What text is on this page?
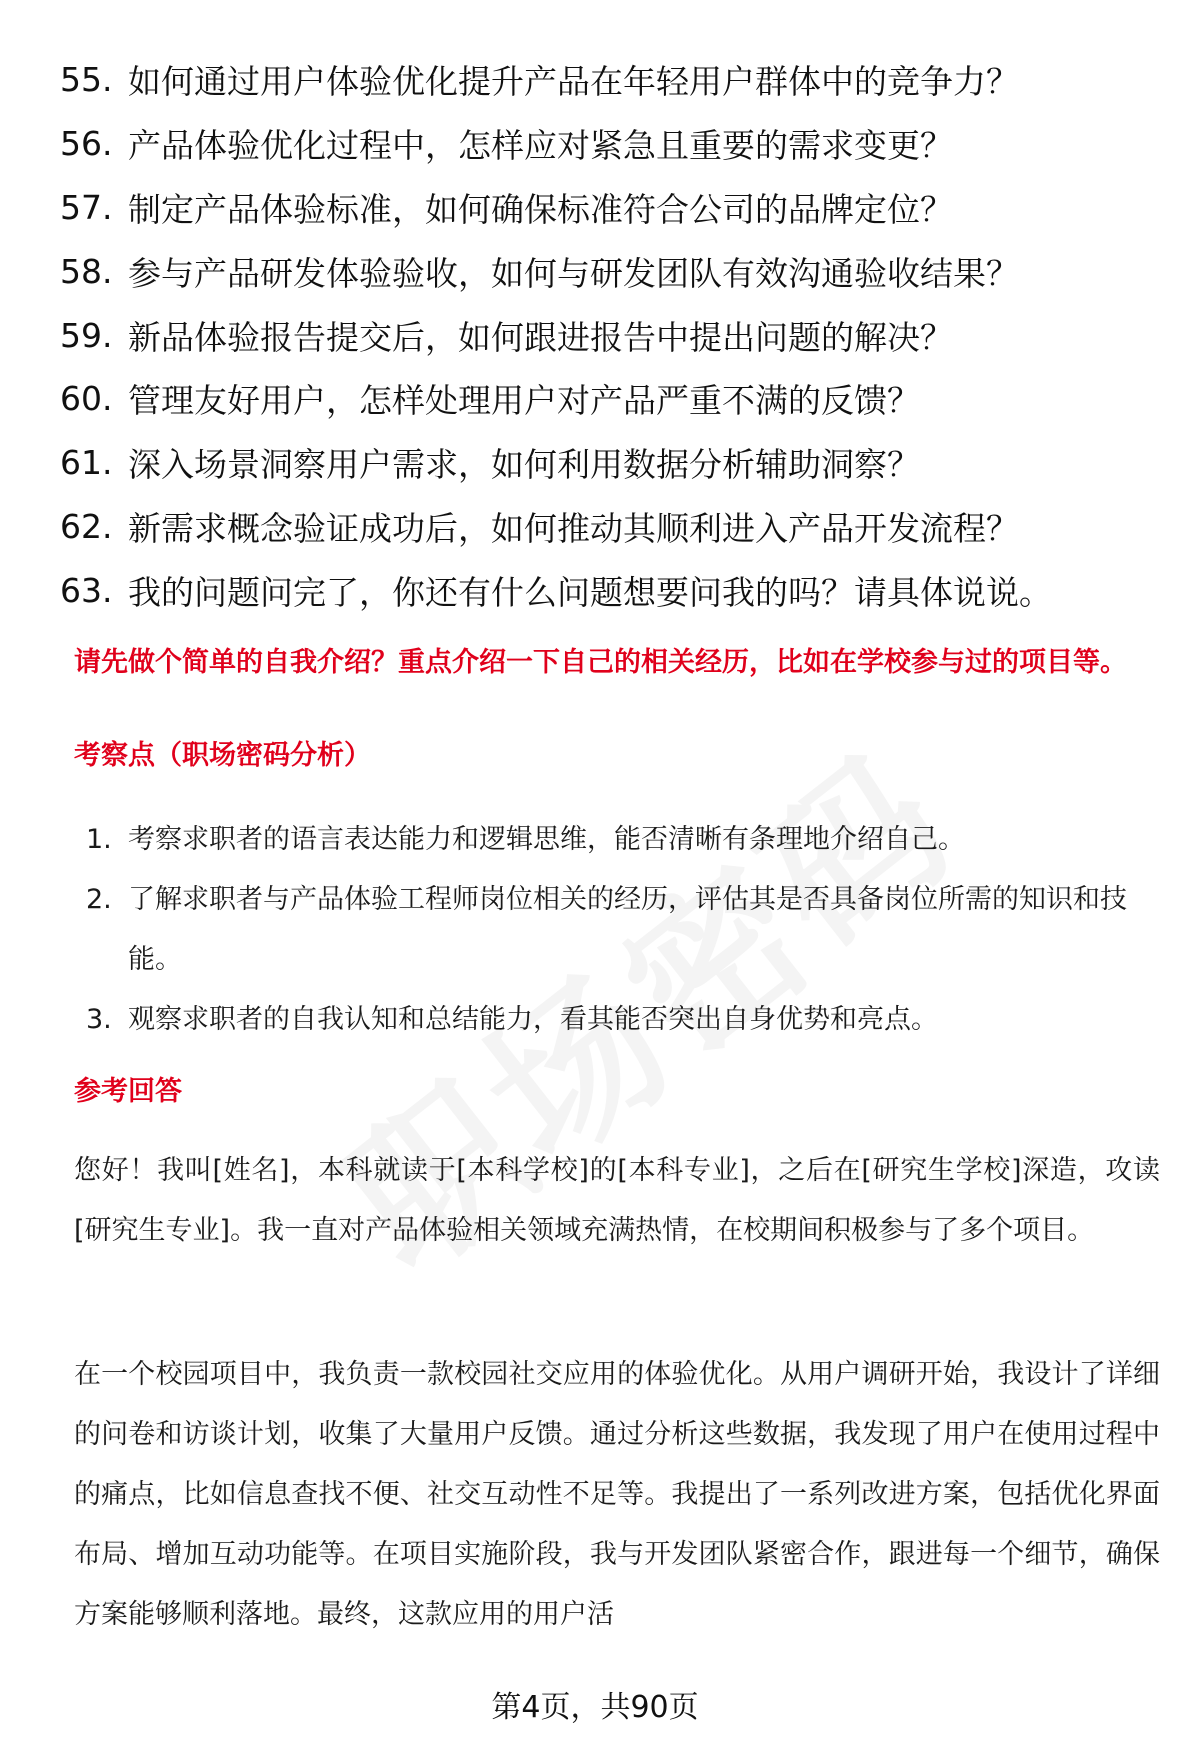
55. 如何通过用户体验优化提升产品在年轻用户群体中的竞争力？
56. 产品体验优化过程中，怎样应对紧急且重要的需求变更？
57. 制定产品体验标准，如何确保标准符合公司的品牌定位？
58. 参与产品研发体验验收，如何与研发团队有效沟通验收结果？
59. 新品体验报告提交后，如何跟进报告中提出问题的解决？
60. 管理友好用户，怎样处理用户对产品严重不满的反馈？
61. 深入场景洞察用户需求，如何利用数据分析辅助洞察？
62. 新需求概念验证成功后，如何推动其顺利进入产品开发流程？
63. 我的问题问完了，你还有什么问题想要问我的吗？请具体说说。
请先做个简单的自我介绍？重点介绍一下自己的相关经历，比如在学校参与过的项目等。
考察点（职场密码分析）
1. 考察求职者的语言表达能力和逻辑思维，能否清晰有条理地介绍自己。
2. 了解求职者与产品体验工程师岗位相关的经历，评估其是否具备岗位所需的知识和技能。
3. 观察求职者的自我认知和总结能力，看其能否突出自身优势和亮点。
参考回答

您好！我叫[姓名]，本科就读于[本科学校]的[本科专业]，之后在[研究生学校]深造，攻读[研究生专业]。我一直对产品体验相关领域充满热情，在校期间积极参与了多个项目。

在一个校园项目中，我负责一款校园社交应用的体验优化。从用户调研开始，我设计了详细的问卷和访谈计划，收集了大量用户反馈。通过分析这些数据，我发现了用户在使用过程中的痛点，比如信息查找不便、社交互动性不足等。我提出了一系列改进方案，包括优化界面布局、增加互动功能等。在项目实施阶段，我与开发团队紧密合作，跟进每一个细节，确保方案能够顺利落地。最终，这款应用的用户活

第4页，共90页
